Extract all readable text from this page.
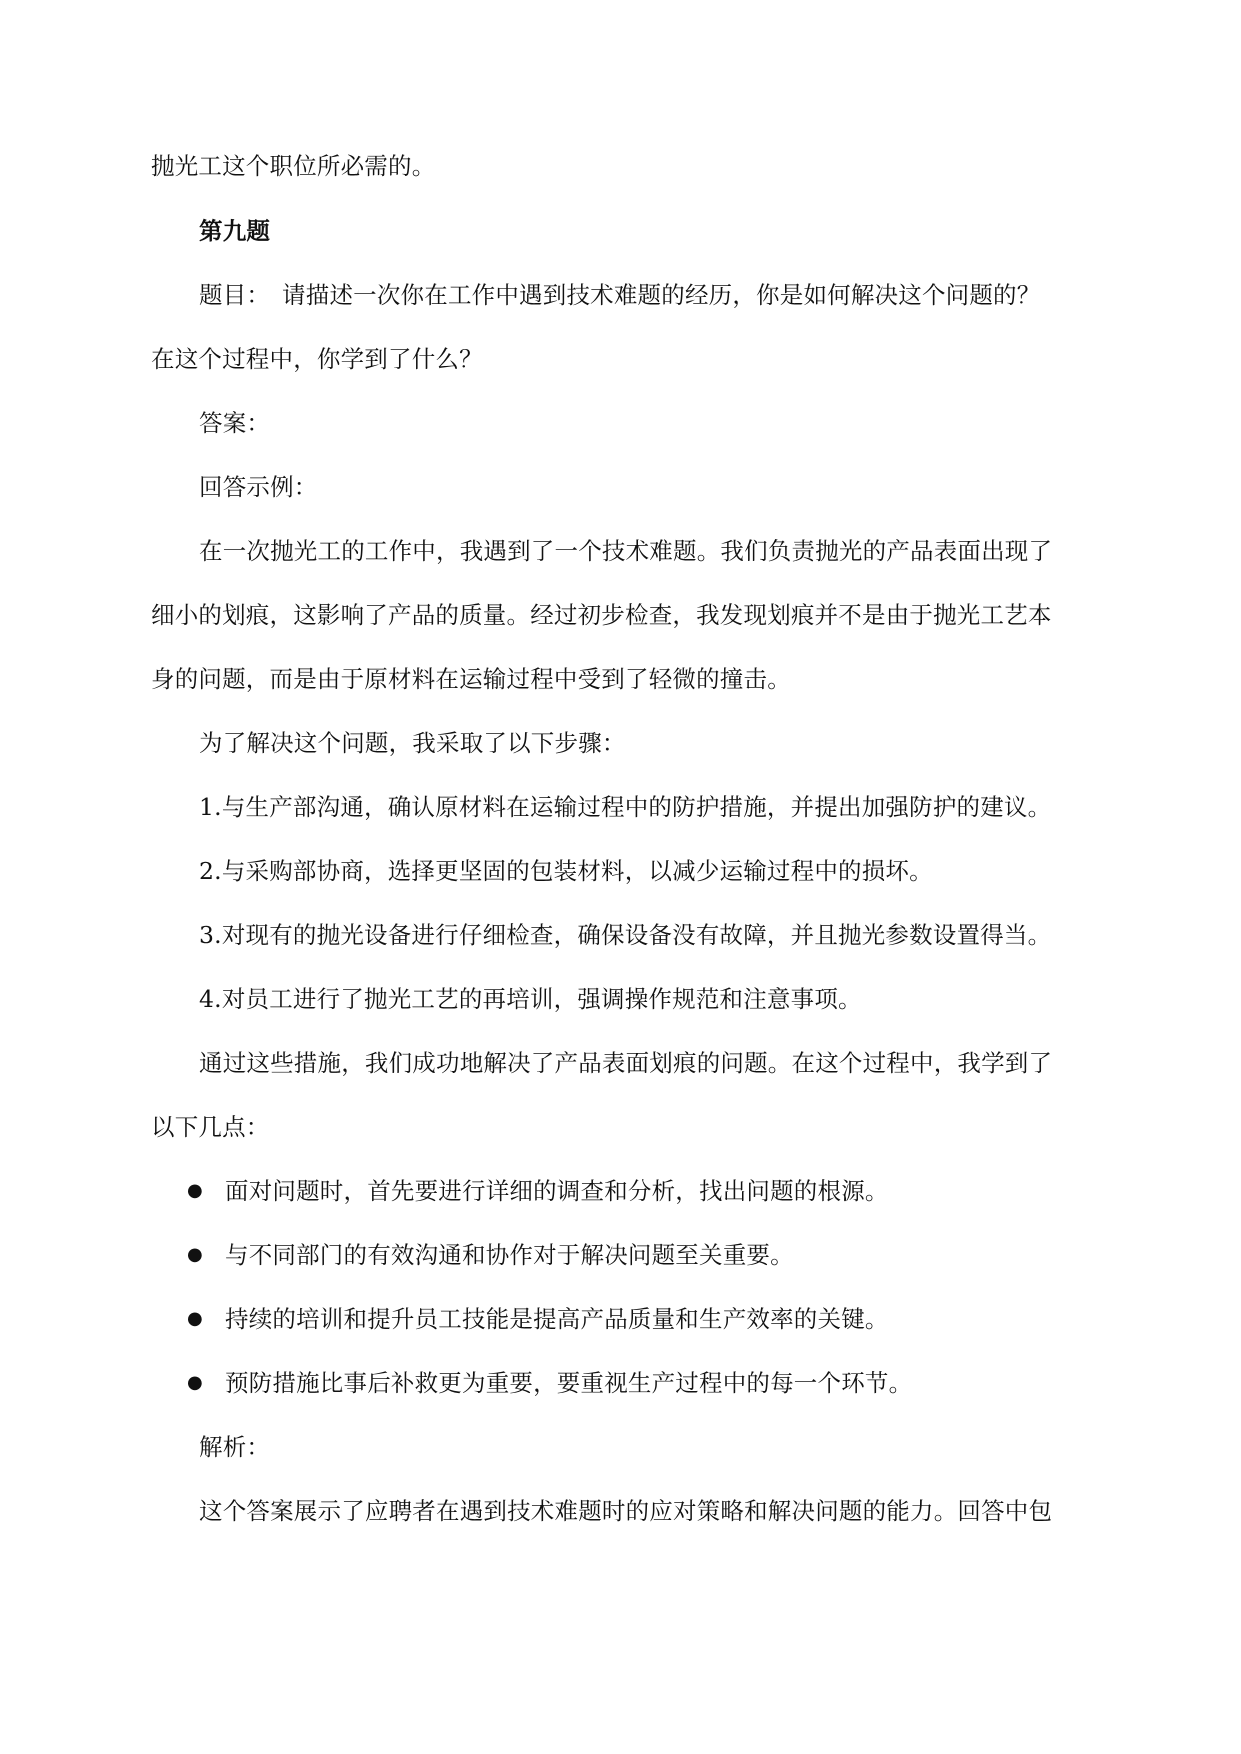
抛光工这个职位所必需的。
第九题
题目：　请描述一次你在工作中遇到技术难题的经历，你是如何解决这个问题的？
在这个过程中，你学到了什么？
答案：
回答示例：
在一次抛光工的工作中，我遇到了一个技术难题。我们负责抛光的产品表面出现了
细小的划痕，这影响了产品的质量。经过初步检查，我发现划痕并不是由于抛光工艺本
身的问题，而是由于原材料在运输过程中受到了轻微的撞击。
为了解决这个问题，我采取了以下步骤：
1.与生产部沟通，确认原材料在运输过程中的防护措施，并提出加强防护的建议。
2.与采购部协商，选择更坚固的包装材料，以减少运输过程中的损坏。
3.对现有的抛光设备进行仔细检查，确保设备没有故障，并且抛光参数设置得当。
4.对员工进行了抛光工艺的再培训，强调操作规范和注意事项。
通过这些措施，我们成功地解决了产品表面划痕的问题。在这个过程中，我学到了
以下几点：
● 面对问题时，首先要进行详细的调查和分析，找出问题的根源。
● 与不同部门的有效沟通和协作对于解决问题至关重要。
● 持续的培训和提升员工技能是提高产品质量和生产效率的关键。
● 预防措施比事后补救更为重要，要重视生产过程中的每一个环节。
解析：
这个答案展示了应聘者在遇到技术难题时的应对策略和解决问题的能力。回答中包
